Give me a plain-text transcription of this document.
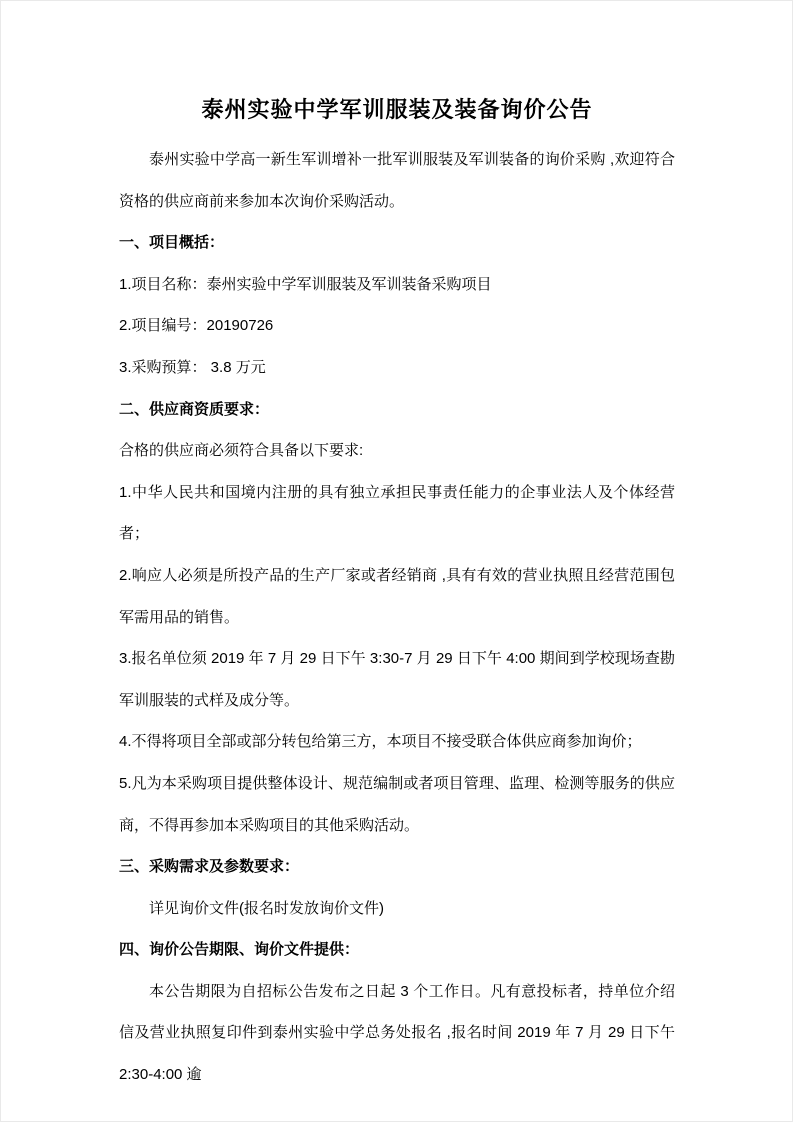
泰州实验中学军训服装及装备询价公告

泰州实验中学高一新生军训增补一批军训服装及军训装备的询价采购 ,欢迎符合资格的供应商前来参加本次询价采购活动。

一、项目概括：

1.项目名称：泰州实验中学军训服装及军训装备采购项目

2.项目编号：20190726

3.采购预算： 3.8 万元

二、供应商资质要求：

合格的供应商必须符合具备以下要求:

1.中华人民共和国境内注册的具有独立承担民事责任能力的企事业法人及个体经营者；

2.响应人必须是所投产品的生产厂家或者经销商 ,具有有效的营业执照且经营范围包军需用品的销售。

3.报名单位须 2019 年 7 月 29 日下午 3:30-7 月 29 日下午 4:00 期间到学校现场查勘军训服装的式样及成分等。

4.不得将项目全部或部分转包给第三方，本项目不接受联合体供应商参加询价；

5.凡为本采购项目提供整体设计、规范编制或者项目管理、监理、检测等服务的供应商，不得再参加本采购项目的其他采购活动。

三、采购需求及参数要求：

详见询价文件(报名时发放询价文件)

四、询价公告期限、询价文件提供：

本公告期限为自招标公告发布之日起 3 个工作日。凡有意投标者，持单位介绍信及营业执照复印件到泰州实验中学总务处报名 ,报名时间 2019 年 7 月 29 日下午 2:30-4:00 逾
